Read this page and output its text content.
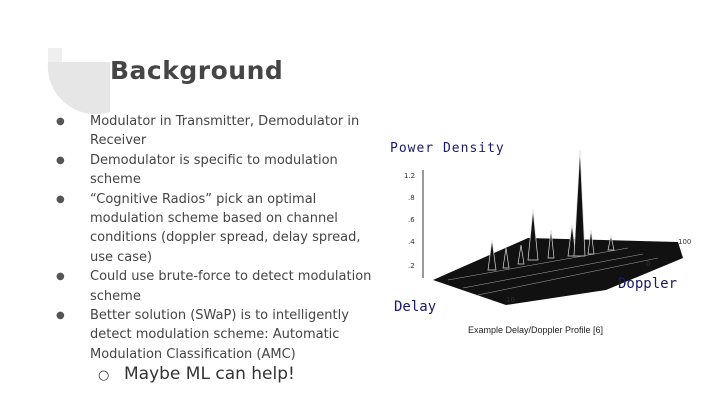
Background
● Modulator in Transmitter, Demodulator in Receiver
● Demodulator is specific to modulation scheme
● “Cognitive Radios” pick an optimal modulation scheme based on channel conditions (doppler spread, delay spread, use case)
● Could use brute-force to detect modulation scheme
● Better solution (SWaP) is to intelligently detect modulation scheme: Automatic Modulation Classification (AMC)
○ Maybe ML can help!
Power Density
1.2
.8
.6
.4
.2
100
0
10
Delay
Doppler
Example Delay/Doppler Profile [6]
